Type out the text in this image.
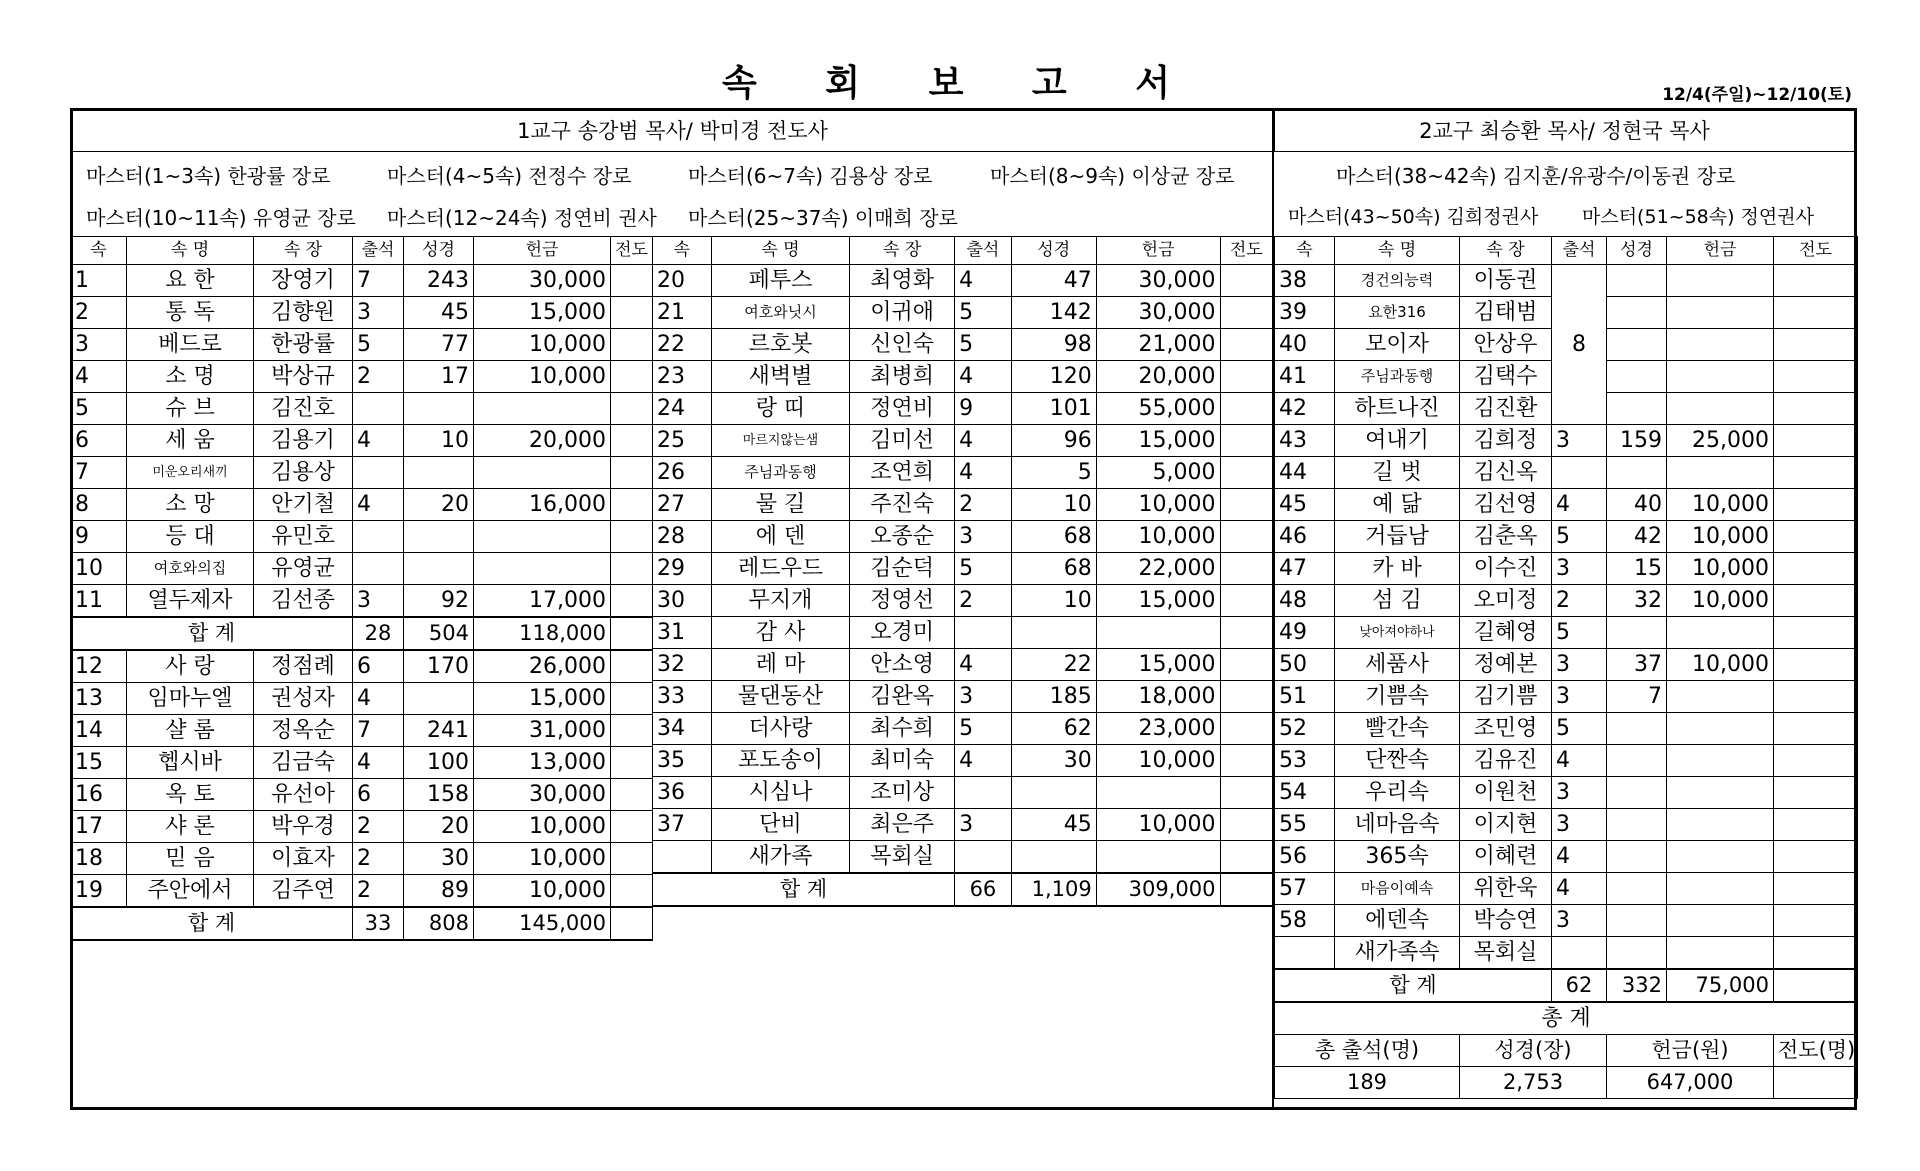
속 회 보 고 서	12/4(주일)~12/10(토)
1교구 송강범 목사/ 박미경 전도사	2교구 최승환 목사/ 정현국 목사
마스터(1~3속) 한광률 장로	마스터(4~5속) 전정수 장로	마스터(6~7속) 김용상 장로	마스터(8~9속) 이상균 장로
마스터(10~11속) 유영균 장로 마스터(12~24속) 정연비 권사 마스터(25~37속) 이매희 장로
마스터(38~42속) 김지훈/유광수/이동권 장로
마스터(43~50속) 김희정권사 마스터(51~58속) 정연권사
속	속 명	속 장	출석	성경	헌금	전도
1	요 한	장영기	7	243	30,000	
2	통 독	김향원	3	45	15,000	
3	베드로	한광률	5	77	10,000	
4	소 명	박상규	2	17	10,000	
5	슈 브	김진호				
6	세 움	김용기	4	10	20,000	
7	미운오리새끼	김용상				
8	소 망	안기철	4	20	16,000	
9	등 대	유민호				
10	여호와의집	유영균				
11	열두제자	김선종	3	92	17,000	
합 계			28	504	118,000	
12	사 랑	정점례	6	170	26,000	
13	임마누엘	권성자	4		15,000	
14	샬 롬	정옥순	7	241	31,000	
15	헵시바	김금숙	4	100	13,000	
16	옥 토	유선아	6	158	30,000	
17	샤 론	박우경	2	20	10,000	
18	믿 음	이효자	2	30	10,000	
19	주안에서	김주연	2	89	10,000	
합 계			33	808	145,000	
속	속 명	속 장	출석	성경	헌금	전도
20	페투스	최영화	4	47	30,000	
21	여호와닛시	이귀애	5	142	30,000	
22	르호봇	신인숙	5	98	21,000	
23	새벽별	최병희	4	120	20,000	
24	랑 띠	정연비	9	101	55,000	
25	마르지않는샘	김미선	4	96	15,000	
26	주님과동행	조연희	4	5	5,000	
27	물 길	주진숙	2	10	10,000	
28	에 덴	오종순	3	68	10,000	
29	레드우드	김순덕	5	68	22,000	
30	무지개	정영선	2	10	15,000	
31	감 사	오경미				
32	레 마	안소영	4	22	15,000	
33	물댄동산	김완옥	3	185	18,000	
34	더사랑	최수희	5	62	23,000	
35	포도송이	최미숙	4	30	10,000	
36	시심나	조미상				
37	단비	최은주	3	45	10,000	
	새가족	목회실				
합 계			66	1,109	309,000	
속	속 명	속 장	출석	성경	헌금	전도
38	경건의능력	이동권	8			
39	요한316	김태범				
40	모이자	안상우				
41	주님과동행	김택수				
42	하트나진	김진환				
43	여내기	김희정	3	159	25,000	
44	길 벗	김신옥				
45	예 닮	김선영	4	40	10,000	
46	거듭남	김춘옥	5	42	10,000	
47	카 바	이수진	3	15	10,000	
48	섬 김	오미정	2	32	10,000	
49	낮아져야하나	길혜영	5			
50	세품사	정예본	3	37	10,000	
51	기쁨속	김기쁨	3	7		
52	빨간속	조민영	5			
53	단짠속	김유진	4			
54	우리속	이원천	3			
55	네마음속	이지현	3			
56	365속	이혜련	4			
57	마음이예속	위한욱	4			
58	에덴속	박승연	3			
	새가족속	목회실				
합 계			62	332	75,000	
총 계						
총 출석(명)		성경(장)		헌금(원)		전도(명)
189		2,753		647,000		
